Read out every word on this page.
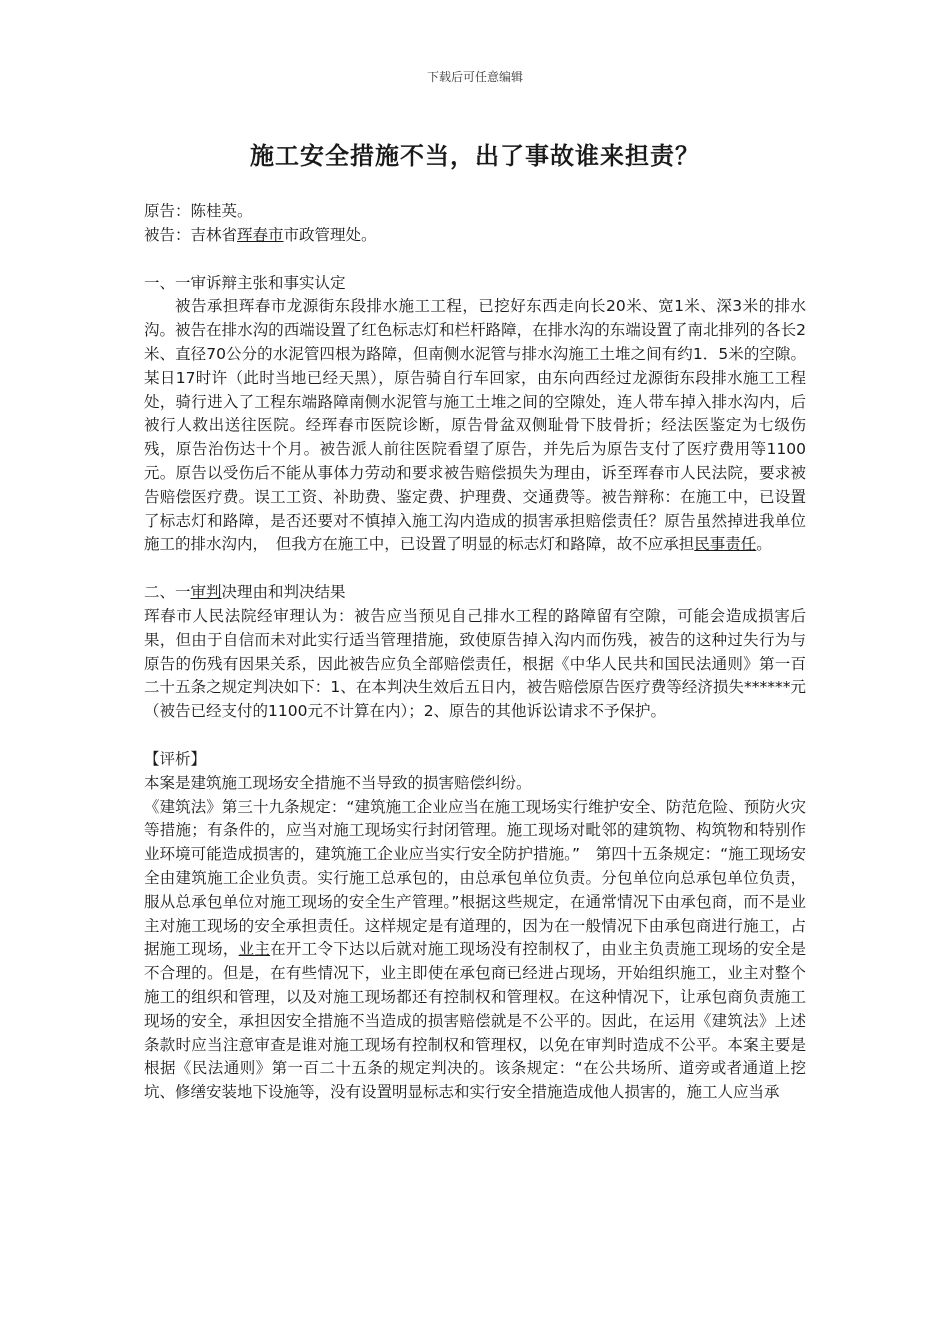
下载后可任意编辑
施工安全措施不当，出了事故谁来担责？

原告：陈桂英。

被告：吉林省珲春市市政管理处。

一、一审诉辩主张和事实认定

被告承担珲春市龙源街东段排水施工工程，已挖好东西走向长20米、宽1米、深3米的排水沟。被告在排水沟的西端设置了红色标志灯和栏杆路障，在排水沟的东端设置了南北排列的各长2米、直径70公分的水泥管四根为路障，但南侧水泥管与排水沟施工土堆之间有约1．5米的空隙。某日17时许（此时当地已经天黑），原告骑自行车回家，由东向西经过龙源街东段排水施工工程处，骑行进入了工程东端路障南侧水泥管与施工土堆之间的空隙处，连人带车掉入排水沟内，后被行人救出送往医院。经珲春市医院诊断，原告骨盆双侧耻骨下肢骨折；经法医鉴定为七级伤残，原告治伤达十个月。被告派人前往医院看望了原告，并先后为原告支付了医疗费用等1100元。原告以受伤后不能从事体力劳动和要求被告赔偿损失为理由，诉至珲春市人民法院，要求被告赔偿医疗费。误工工资、补助费、鉴定费、护理费、交通费等。被告辩称：在施工中，已设置了标志灯和路障，是否还要对不慎掉入施工沟内造成的损害承担赔偿责任？原告虽然掉进我单位施工的排水沟内，　但我方在施工中，已设置了明显的标志灯和路障，故不应承担民事责任。

二、一审判决理由和判决结果

珲春市人民法院经审理认为：被告应当预见自己排水工程的路障留有空隙，可能会造成损害后果，但由于自信而未对此实行适当管理措施，致使原告掉入沟内而伤残，被告的这种过失行为与原告的伤残有因果关系，因此被告应负全部赔偿责任，根据《中华人民共和国民法通则》第一百二十五条之规定判决如下：1、在本判决生效后五日内，被告赔偿原告医疗费等经济损失******元（被告已经支付的1100元不计算在内）；2、原告的其他诉讼请求不予保护。

【评析】

本案是建筑施工现场安全措施不当导致的损害赔偿纠纷。

《建筑法》第三十九条规定：“建筑施工企业应当在施工现场实行维护安全、防范危险、预防火灾等措施；有条件的，应当对施工现场实行封闭管理。施工现场对毗邻的建筑物、构筑物和特别作业环境可能造成损害的，建筑施工企业应当实行安全防护措施。”　第四十五条规定：“施工现场安全由建筑施工企业负责。实行施工总承包的，由总承包单位负责。分包单位向总承包单位负责，服从总承包单位对施工现场的安全生产管理。”根据这些规定，在通常情况下由承包商，而不是业主对施工现场的安全承担责任。这样规定是有道理的，因为在一般情况下由承包商进行施工，占据施工现场，业主在开工令下达以后就对施工现场没有控制权了，由业主负责施工现场的安全是不合理的。但是，在有些情况下，业主即使在承包商已经进占现场，开始组织施工，业主对整个施工的组织和管理，以及对施工现场都还有控制权和管理权。在这种情况下，让承包商负责施工现场的安全，承担因安全措施不当造成的损害赔偿就是不公平的。因此，在运用《建筑法》上述条款时应当注意审查是谁对施工现场有控制权和管理权，以免在审判时造成不公平。本案主要是根据《民法通则》第一百二十五条的规定判决的。该条规定：“在公共场所、道旁或者通道上挖坑、修缮安装地下设施等，没有设置明显标志和实行安全措施造成他人损害的，施工人应当承
